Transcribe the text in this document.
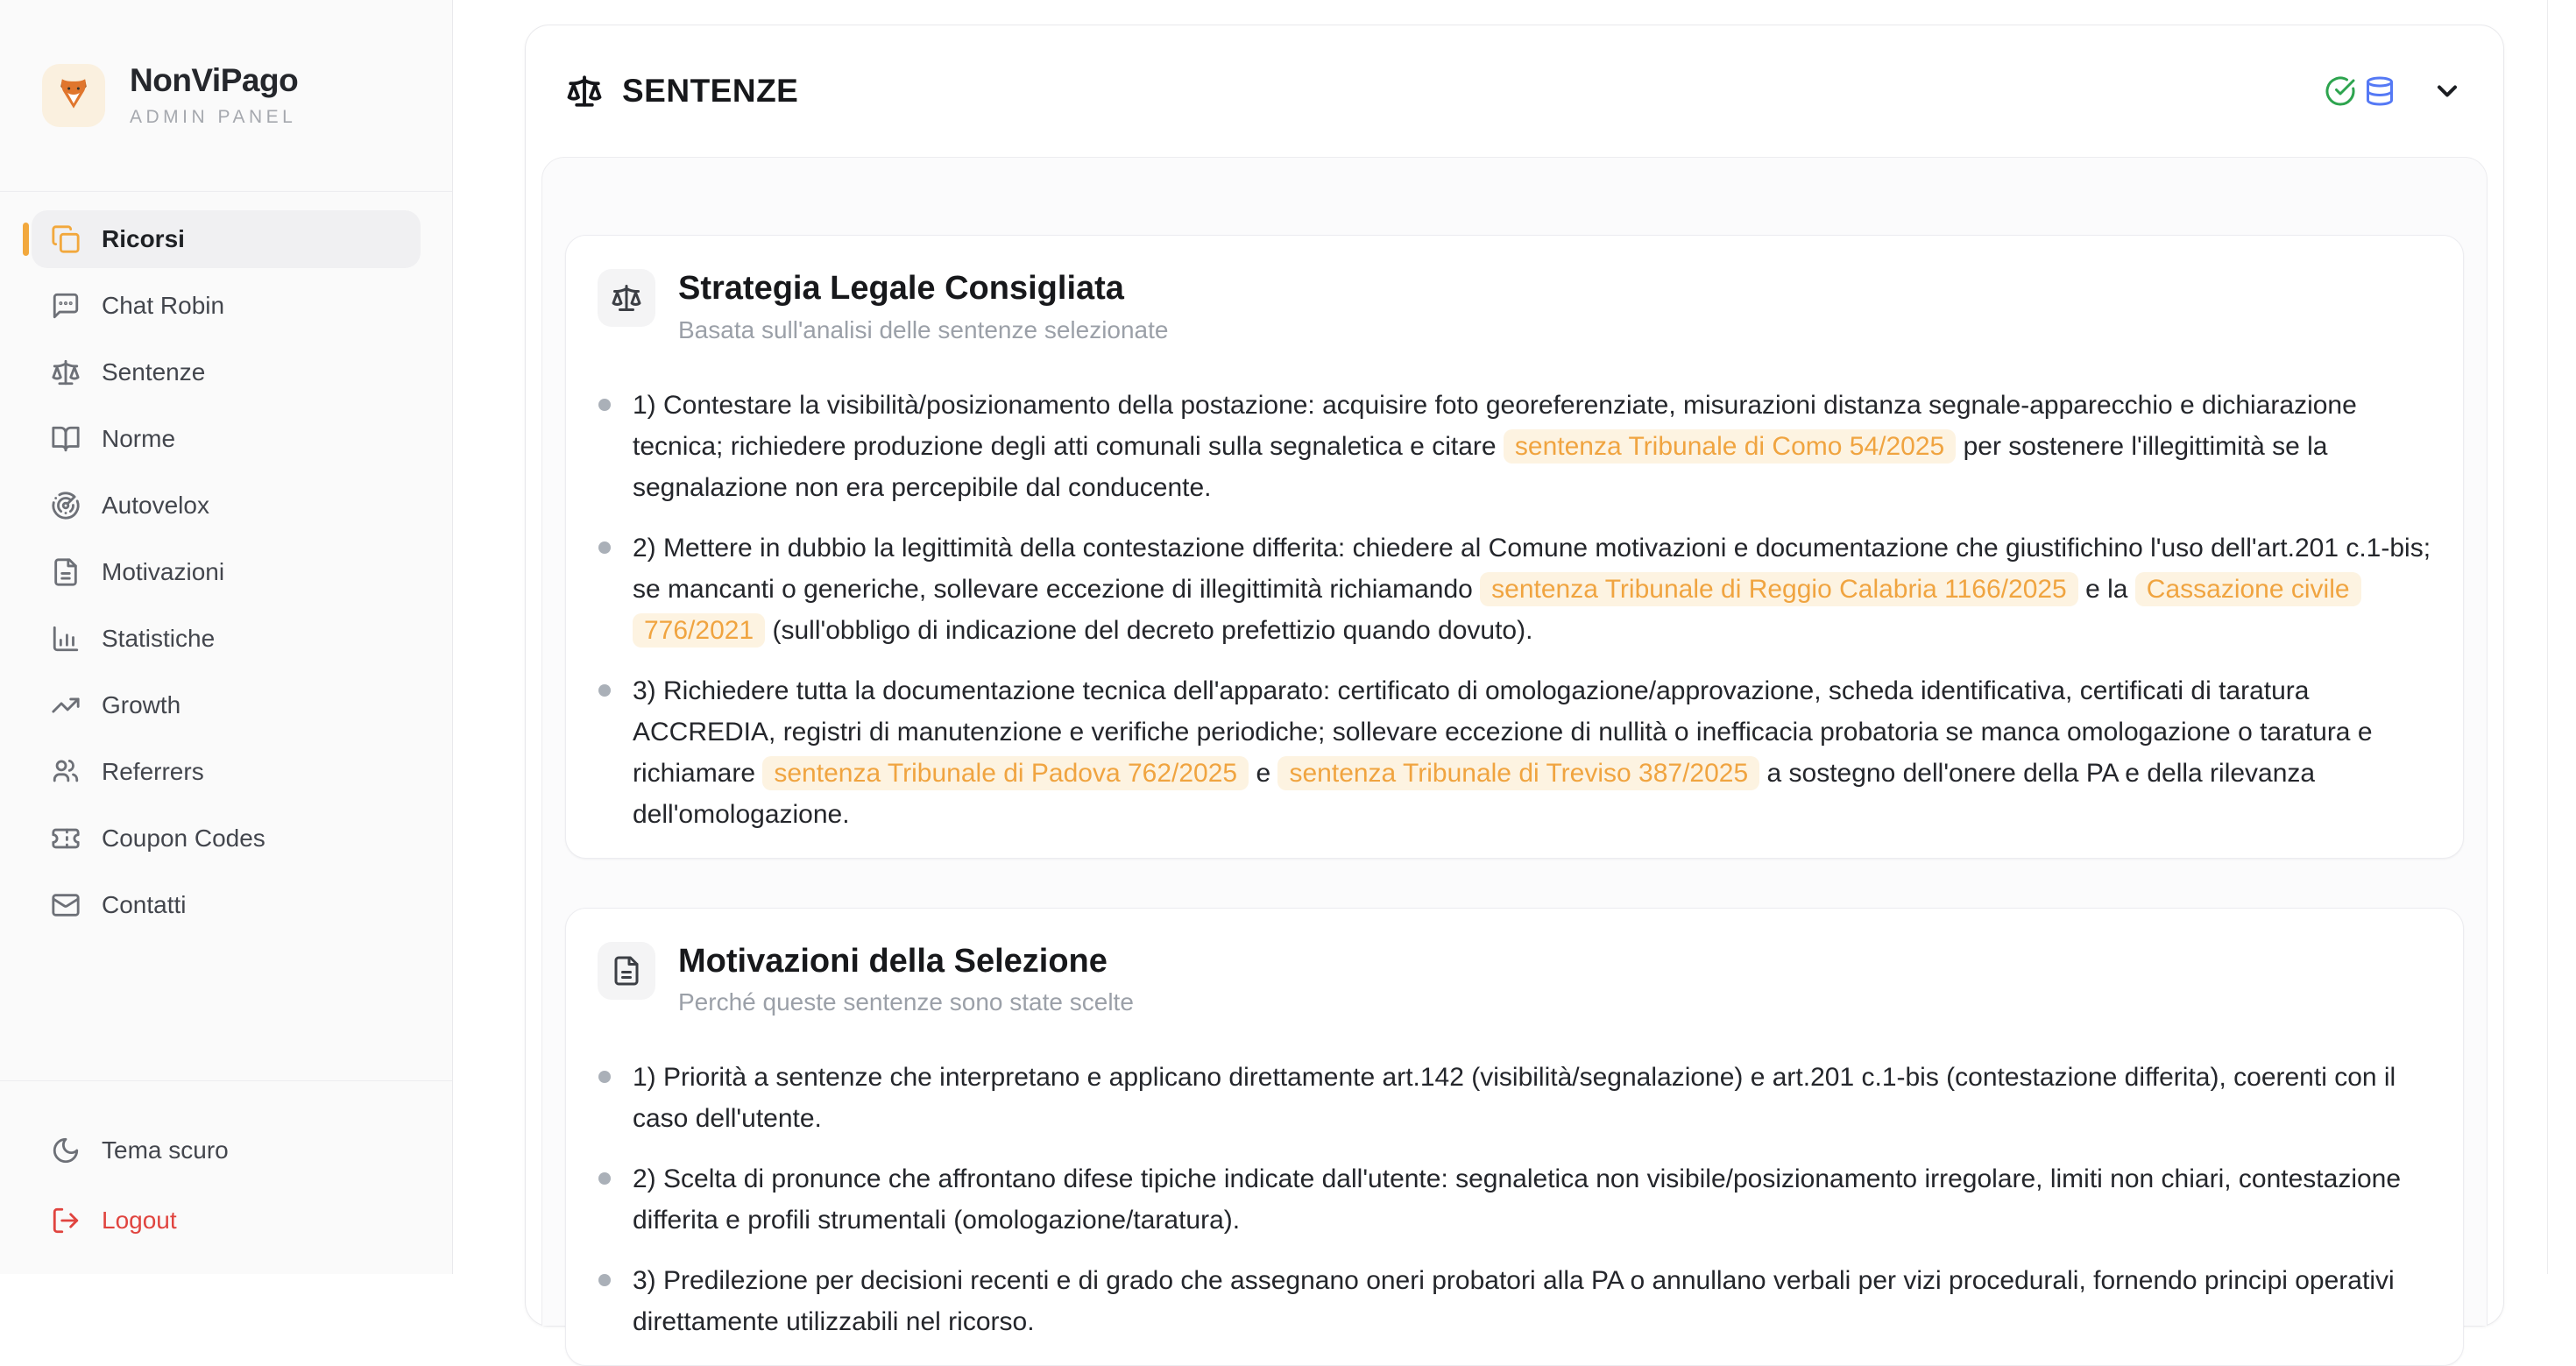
NonViPago
ADMIN PANEL
Ricorsi
Chat Robin
Sentenze
Norme
Autovelox
Motivazioni
Statistiche
Growth
Referrers
Coupon Codes
Contatti
Tema scuro
Logout
SENTENZE
Strategia Legale Consigliata
Basata sull'analisi delle sentenze selezionate
1) Contestare la visibilità/posizionamento della postazione: acquisire foto georeferenziate, misurazioni distanza segnale-apparecchio e dichiarazione tecnica; richiedere produzione degli atti comunali sulla segnaletica e citare sentenza Tribunale di Como 54/2025 per sostenere l'illegittimità se la segnalazione non era percepibile dal conducente.
2) Mettere in dubbio la legittimità della contestazione differita: chiedere al Comune motivazioni e documentazione che giustifichino l'uso dell'art.201 c.1-bis; se mancanti o generiche, sollevare eccezione di illegittimità richiamando sentenza Tribunale di Reggio Calabria 1166/2025 e la Cassazione civile 776/2021 (sull'obbligo di indicazione del decreto prefettizio quando dovuto).
3) Richiedere tutta la documentazione tecnica dell'apparato: certificato di omologazione/approvazione, scheda identificativa, certificati di taratura ACCREDIA, registri di manutenzione e verifiche periodiche; sollevare eccezione di nullità o inefficacia probatoria se manca omologazione o taratura e richiamare sentenza Tribunale di Padova 762/2025 e sentenza Tribunale di Treviso 387/2025 a sostegno dell'onere della PA e della rilevanza dell'omologazione.
Motivazioni della Selezione
Perché queste sentenze sono state scelte
1) Priorità a sentenze che interpretano e applicano direttamente art.142 (visibilità/segnalazione) e art.201 c.1-bis (contestazione differita), coerenti con il caso dell'utente.
2) Scelta di pronunce che affrontano difese tipiche indicate dall'utente: segnaletica non visibile/posizionamento irregolare, limiti non chiari, contestazione differita e profili strumentali (omologazione/taratura).
3) Predilezione per decisioni recenti e di grado che assegnano oneri probatori alla PA o annullano verbali per vizi procedurali, fornendo principi operativi direttamente utilizzabili nel ricorso.
